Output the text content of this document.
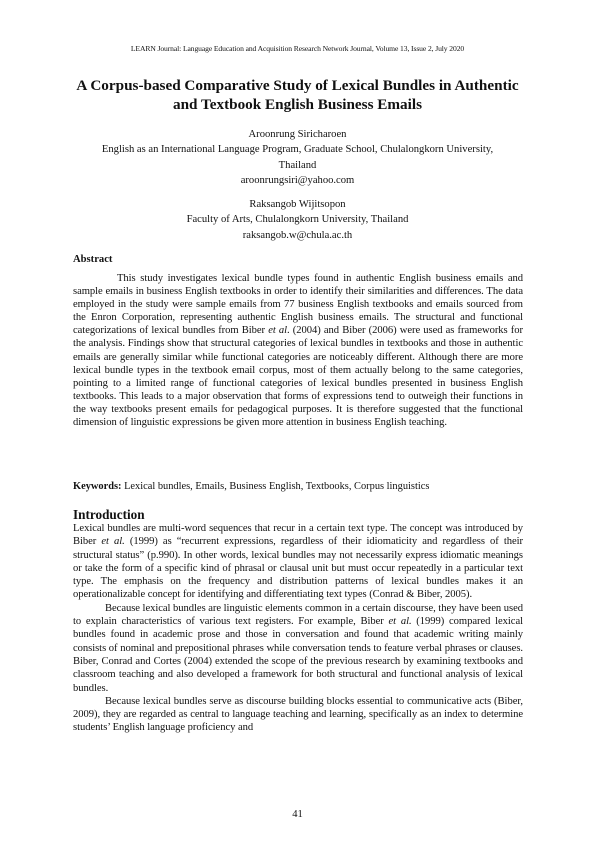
LEARN Journal: Language Education and Acquisition Research Network Journal, Volume 13, Issue 2, July 2020
A Corpus-based Comparative Study of Lexical Bundles in Authentic
and Textbook English Business Emails
Aroonrung Siricharoen
English as an International Language Program, Graduate School, Chulalongkorn University,
Thailand
aroonrungsiri@yahoo.com
Raksangob Wijitsopon
Faculty of Arts, Chulalongkorn University, Thailand
raksangob.w@chula.ac.th
Abstract
This study investigates lexical bundle types found in authentic English business emails and sample emails in business English textbooks in order to identify their similarities and differences. The data employed in the study were sample emails from 77 business English textbooks and emails sourced from the Enron Corporation, representing authentic English business emails. The structural and functional categorizations of lexical bundles from Biber et al. (2004) and Biber (2006) were used as frameworks for the analysis. Findings show that structural categories of lexical bundles in textbooks and those in authentic emails are generally similar while functional categories are noticeably different. Although there are more lexical bundle types in the textbook email corpus, most of them actually belong to the same categories, pointing to a limited range of functional categories of lexical bundles presented in business English textbooks. This leads to a major observation that forms of expressions tend to outweigh their functions in the way textbooks present emails for pedagogical purposes. It is therefore suggested that the functional dimension of linguistic expressions be given more attention in business English teaching.
Keywords: Lexical bundles, Emails, Business English, Textbooks, Corpus linguistics
Introduction

Lexical bundles are multi-word sequences that recur in a certain text type. The concept was introduced by Biber et al. (1999) as “recurrent expressions, regardless of their idiomaticity and regardless of their structural status” (p.990). In other words, lexical bundles may not necessarily express idiomatic meanings or take the form of a specific kind of phrasal or clausal unit but must occur repeatedly in a particular text type. The emphasis on the frequency and distribution patterns of lexical bundles makes it an operationalizable concept for identifying and differentiating text types (Conrad & Biber, 2005).

Because lexical bundles are linguistic elements common in a certain discourse, they have been used to explain characteristics of various text registers. For example, Biber et al. (1999) compared lexical bundles found in academic prose and those in conversation and found that academic writing mainly consists of nominal and prepositional phrases while conversation tends to feature verbal phrases or clauses. Biber, Conrad and Cortes (2004) extended the scope of the previous research by examining textbooks and classroom teaching and also developed a framework for both structural and functional analysis of lexical bundles.

Because lexical bundles serve as discourse building blocks essential to communicative acts (Biber, 2009), they are regarded as central to language teaching and learning, specifically as an index to determine students’ English language proficiency and

41
